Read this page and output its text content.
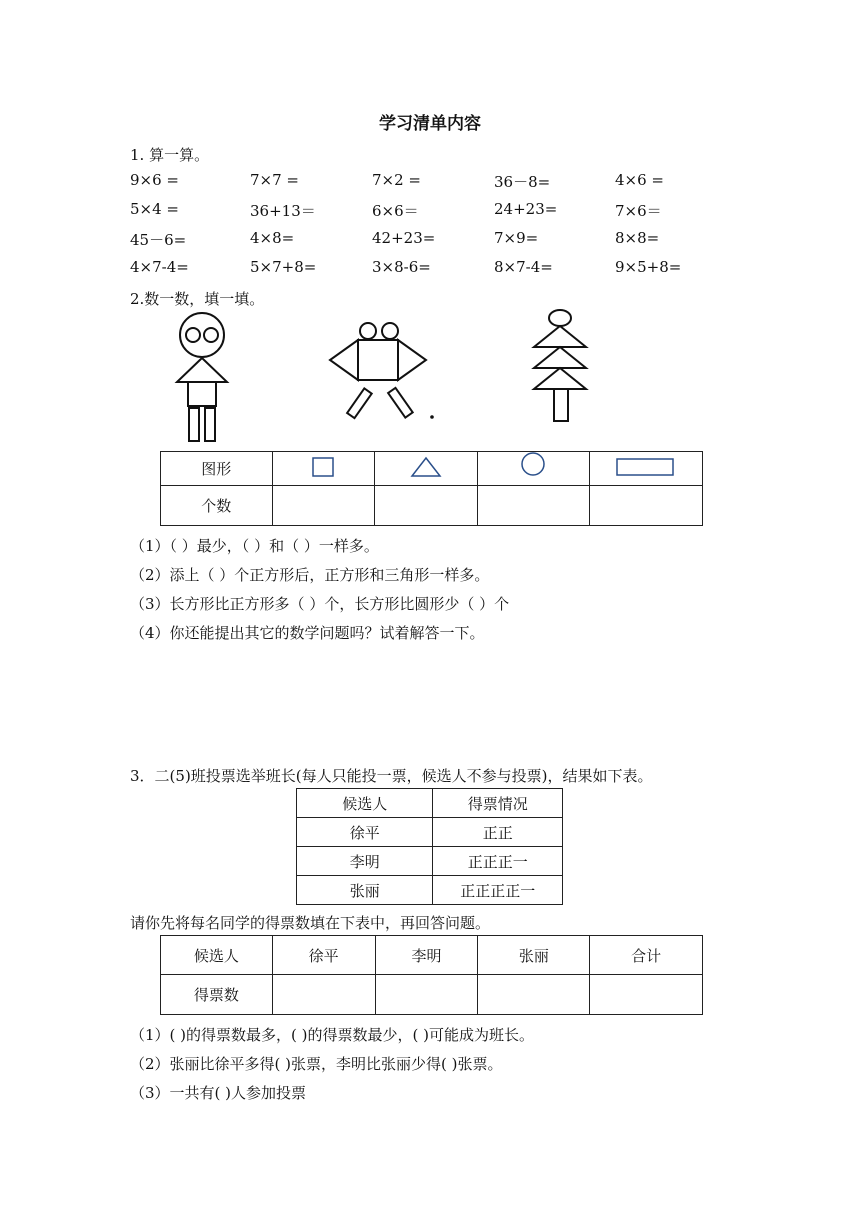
学习清单内容
1. 算一算。
9×6 =	7×7 =	7×2 =	36－8=	4×6 =
5×4 =	36+13＝	6×6＝	24+23=	7×6＝
45－6=	4×8=	42+23=	7×9=	8×8=
4×7-4=	5×7+8=	3×8-6=	8×7-4=	9×5+8=
2.数一数，填一填。
图形				
个数				
（1）（ ）最少，（ ）和（ ）一样多。
（2）添上（ ）个正方形后，正方形和三角形一样多。
（3）长方形比正方形多（ ）个，长方形比圆形少（ ）个
（4）你还能提出其它的数学问题吗？试着解答一下。
3．二(5)班投票选举班长(每人只能投一票，候选人不参与投票)，结果如下表。
候选人	得票情况
徐平	正正
李明	正正正一
张丽	正正正正一
请你先将每名同学的得票数填在下表中，再回答问题。
候选人	徐平	李明	张丽	合计
得票数				
（1）( )的得票数最多，( )的得票数最少，( )可能成为班长。
（2）张丽比徐平多得( )张票，李明比张丽少得( )张票。
（3）一共有( )人参加投票
